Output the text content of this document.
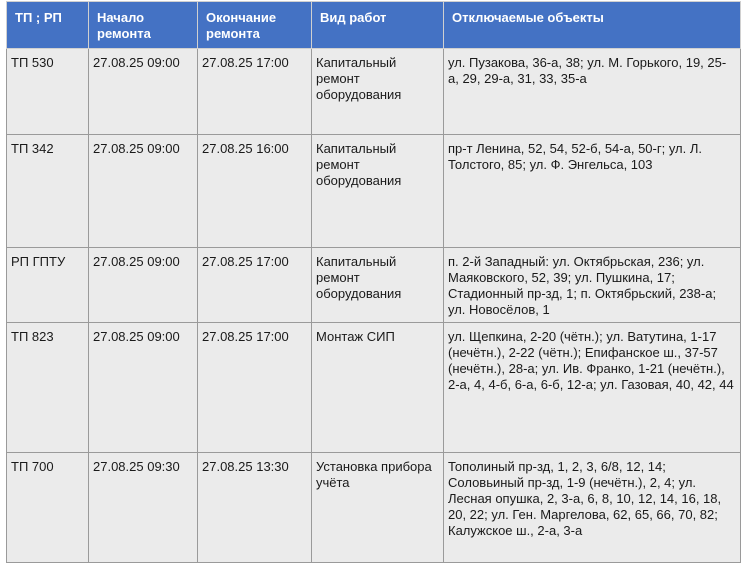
ТП ; РП	Начало ремонта	Окончание ремонта	Вид работ	Отключаемые объекты
ТП 530	27.08.25 09:00	27.08.25 17:00	Капитальный ремонт оборудования	ул. Пузакова, 36-а, 38; ул. М. Горького, 19, 25-а, 29, 29-а, 31, 33, 35-а
ТП 342	27.08.25 09:00	27.08.25 16:00	Капитальный ремонт оборудования	пр-т Ленина, 52, 54, 52-б, 54-а, 50-г; ул. Л. Толстого, 85; ул. Ф. Энгельса, 103
РП ГПТУ	27.08.25 09:00	27.08.25 17:00	Капитальный ремонт оборудования	п. 2-й Западный: ул. Октябрьская, 236; ул. Маяковского, 52, 39; ул. Пушкина, 17; Стадионный пр-зд, 1; п. Октябрьский, 238-а; ул. Новосёлов, 1
ТП 823	27.08.25 09:00	27.08.25 17:00	Монтаж СИП	ул. Щепкина, 2-20 (чётн.); ул. Ватутина, 1-17 (нечётн.), 2-22 (чётн.); Епифанское ш., 37-57 (нечётн.), 28-а; ул. Ив. Франко, 1-21 (нечётн.), 2-а, 4, 4-б, 6-а, 6-б, 12-а; ул. Газовая, 40, 42, 44
ТП 700	27.08.25 09:30	27.08.25 13:30	Установка прибора учёта	Тополиный пр-зд, 1, 2, 3, 6/8, 12, 14; Соловьиный пр-зд, 1-9 (нечётн.), 2, 4; ул. Лесная опушка, 2, 3-а, 6, 8, 10, 12, 14, 16, 18, 20, 22; ул. Ген. Маргелова, 62, 65, 66, 70, 82; Калужское ш., 2-а, 3-а
